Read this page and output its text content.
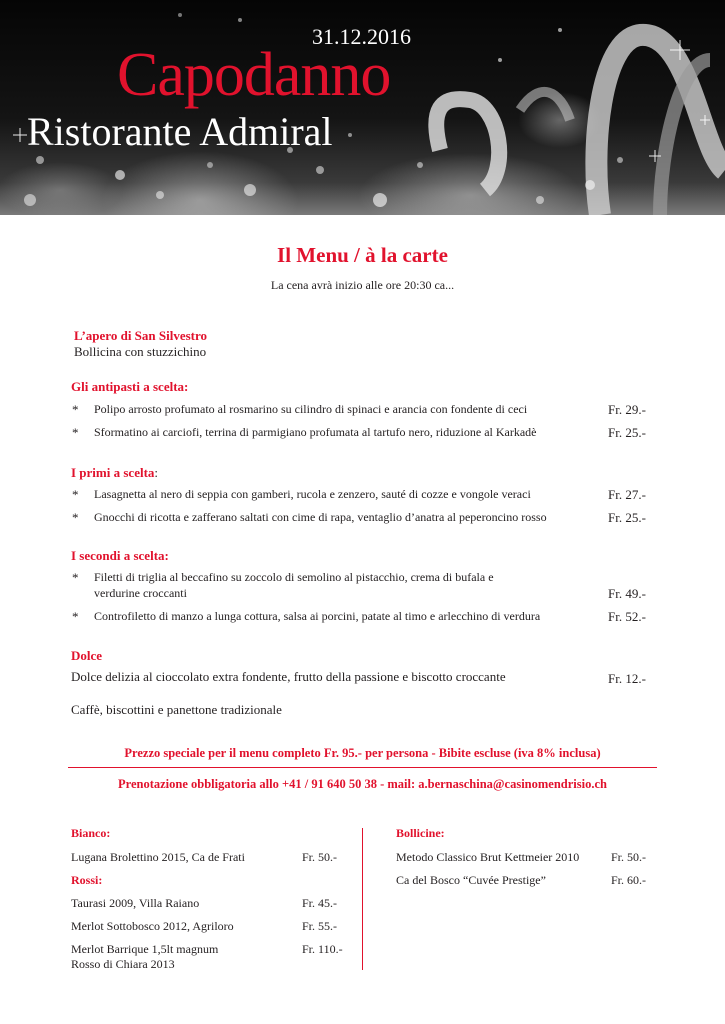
31.12.2016
Capodanno
Ristorante Admiral
Il Menu / à la carte
La cena avrà inizio alle ore 20:30 ca...
L’apero di San Silvestro
Bollicina con stuzzichino
Gli antipasti a scelta:
* Polipo arrosto profumato al rosmarino su cilindro di spinaci e arancia con fondente di ceci	Fr. 29.-
* Sformatino ai carciofi, terrina di parmigiano profumata al tartufo nero, riduzione al Karkadè	Fr. 25.-
I primi a scelta:
* Lasagnetta al nero di seppia con gamberi, rucola e zenzero, sauté di cozze e vongole veraci	Fr. 27.-
* Gnocchi di ricotta e zafferano saltati con cime di rapa, ventaglio d’anatra al peperoncino rosso	Fr. 25.-
I secondi a scelta:
* Filetti di triglia al beccafino su zoccolo di semolino al pistacchio, crema di bufala e
verdurine croccanti	Fr. 49.-
* Controfiletto di manzo a lunga cottura, salsa ai porcini, patate al timo e arlecchino di verdura	Fr. 52.-
Dolce
Dolce delizia al cioccolato extra fondente, frutto della passione e biscotto croccante	Fr. 12.-
Caffè, biscottini e panettone tradizionale
Prezzo speciale per il menu completo Fr. 95.- per persona - Bibite escluse (iva 8% inclusa)
Prenotazione obbligatoria allo +41 / 91 640 50 38 - mail: a.bernaschina@casinomendrisio.ch
Bianco:
Lugana Brolettino 2015, Ca de Frati	Fr. 50.-
Rossi:
Taurasi 2009, Villa Raiano	Fr. 45.-
Merlot Sottobosco 2012, Agriloro	Fr. 55.-
Merlot Barrique 1,5lt magnum
Rosso di Chiara 2013
Fr. 110.-
Bollicine:
Metodo Classico Brut Kettmeier 2010	Fr. 50.-
Ca del Bosco “Cuvée Prestige”	Fr. 60.-
